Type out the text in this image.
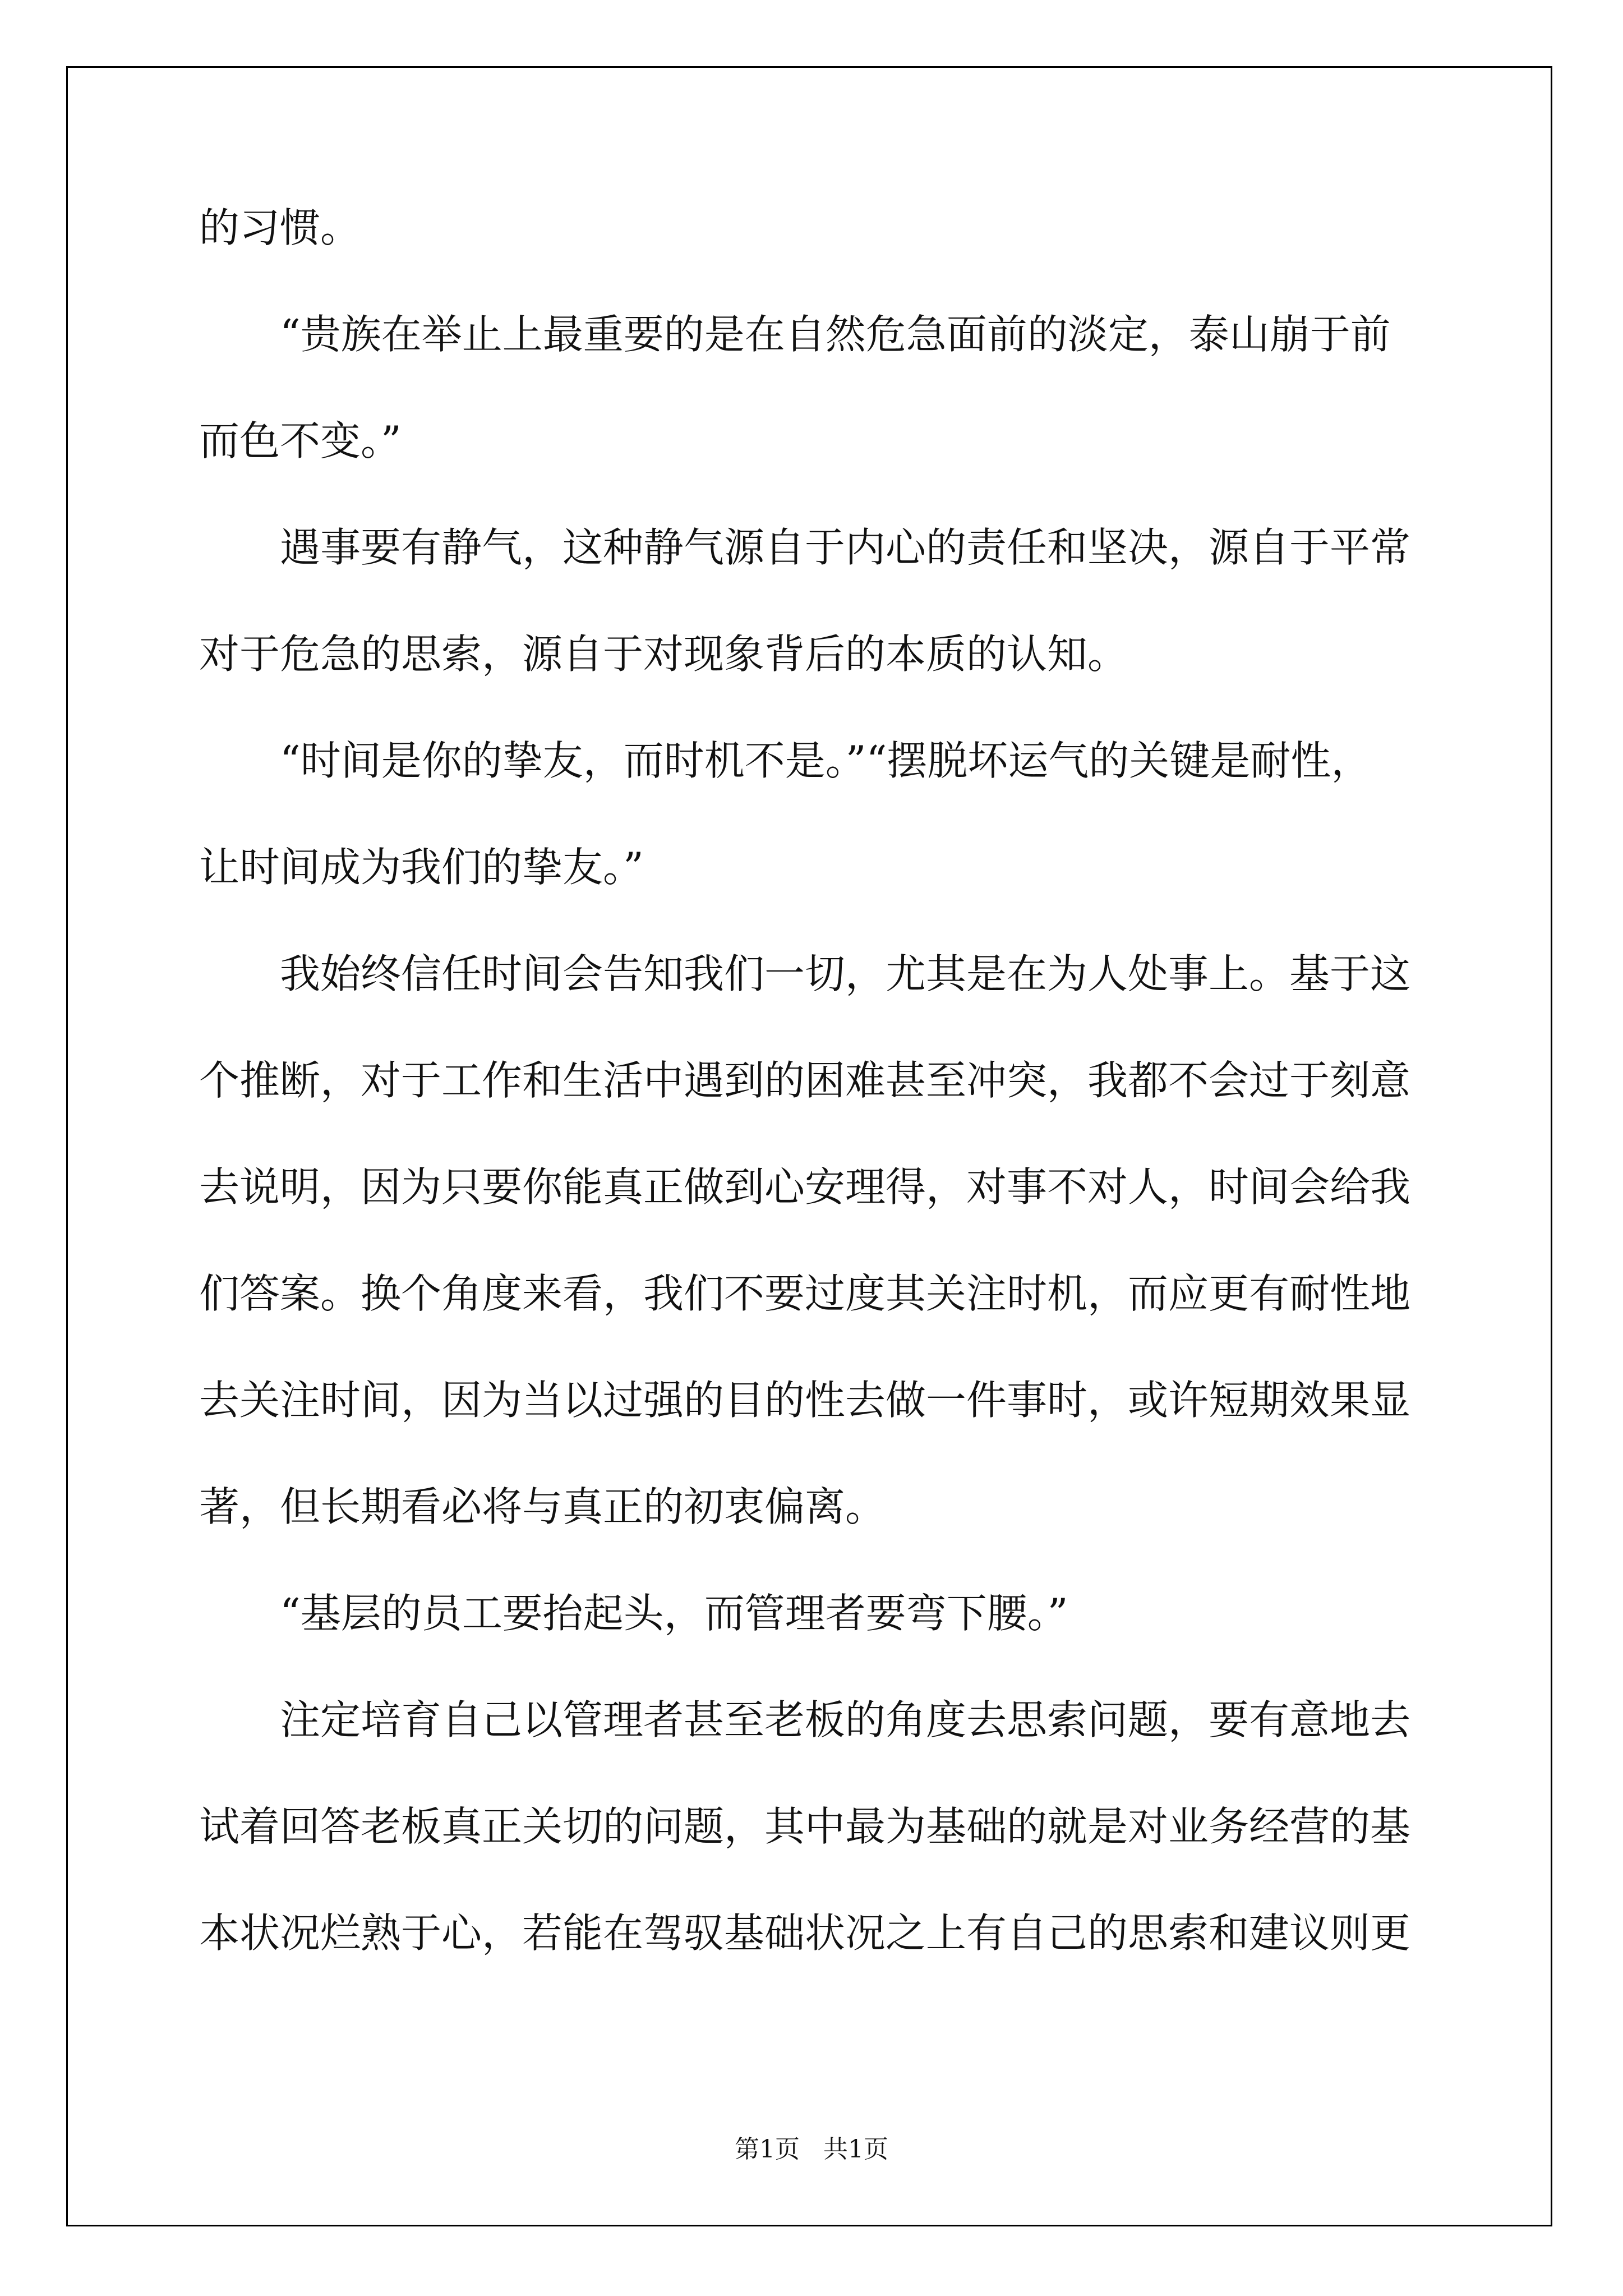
的习惯。
“贵族在举止上最重要的是在自然危急面前的淡定，泰山崩于前
而色不变。”
遇事要有静气，这种静气源自于内心的责任和坚决，源自于平常
对于危急的思索，源自于对现象背后的本质的认知。
“时间是你的挚友，而时机不是。”“摆脱坏运气的关键是耐性，
让时间成为我们的挚友。”
我始终信任时间会告知我们一切，尤其是在为人处事上。基于这
个推断，对于工作和生活中遇到的困难甚至冲突，我都不会过于刻意
去说明，因为只要你能真正做到心安理得，对事不对人，时间会给我
们答案。换个角度来看，我们不要过度其关注时机，而应更有耐性地
去关注时间，因为当以过强的目的性去做一件事时，或许短期效果显
著，但长期看必将与真正的初衷偏离。
“基层的员工要抬起头，而管理者要弯下腰。”
注定培育自己以管理者甚至老板的角度去思索问题，要有意地去
试着回答老板真正关切的问题，其中最为基础的就是对业务经营的基
本状况烂熟于心，若能在驾驭基础状况之上有自己的思索和建议则更
第1页   共1页
